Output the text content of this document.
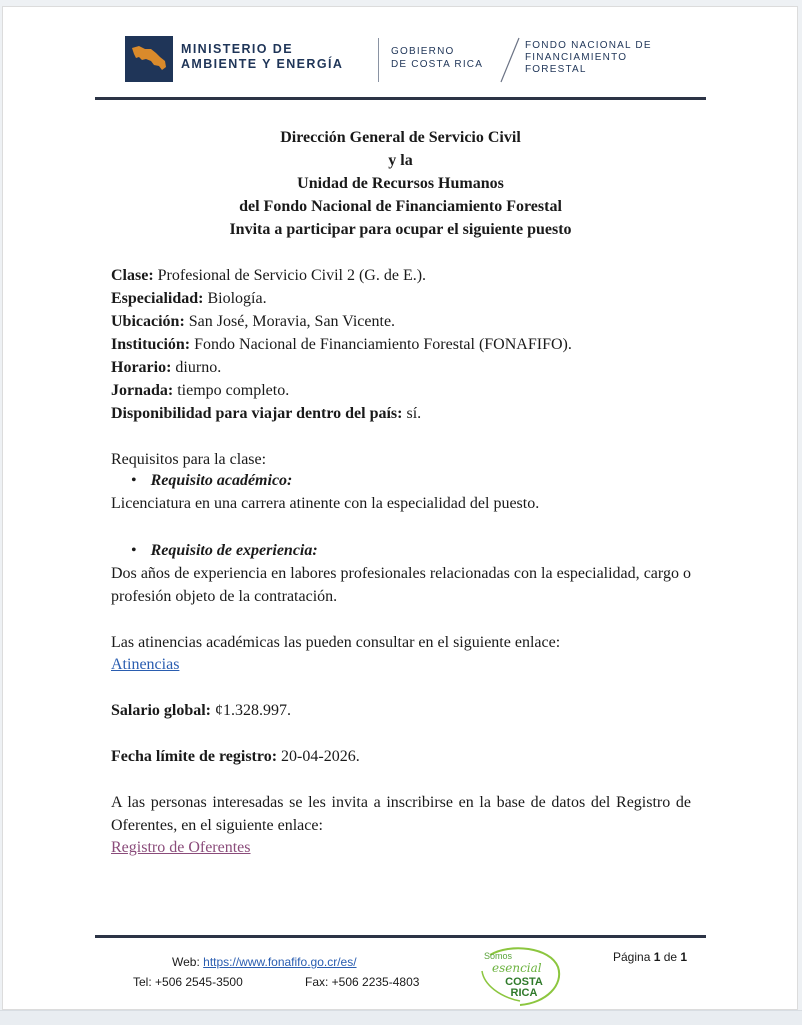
MINISTERIO DE
AMBIENTE Y ENERGÍA
GOBIERNO
DE COSTA RICA
FONDO NACIONAL DE
FINANCIAMIENTO
FORESTAL
Dirección General de Servicio Civil
y la
Unidad de Recursos Humanos
del Fondo Nacional de Financiamiento Forestal
Invita a participar para ocupar el siguiente puesto
Clase: Profesional de Servicio Civil 2 (G. de E.).
Especialidad: Biología.
Ubicación: San José, Moravia, San Vicente.
Institución: Fondo Nacional de Financiamiento Forestal (FONAFIFO).
Horario: diurno.
Jornada: tiempo completo.
Disponibilidad para viajar dentro del país: sí.
Requisitos para la clase:
• Requisito académico:
Licenciatura en una carrera atinente con la especialidad del puesto.
• Requisito de experiencia:
Dos años de experiencia en labores profesionales relacionadas con la especialidad, cargo o profesión objeto de la contratación.
Las atinencias académicas las pueden consultar en el siguiente enlace:
Atinencias
Salario global: ¢1.328.997.
Fecha límite de registro: 20-04-2026.
A las personas interesadas se les invita a inscribirse en la base de datos del Registro de Oferentes, en el siguiente enlace:
Registro de Oferentes
Web: https://www.fonafifo.go.cr/es/
Tel: +506 2545-3500	Fax: +506 2235-4803
Página 1 de 1
Somos
esencial
COSTA
RICA
